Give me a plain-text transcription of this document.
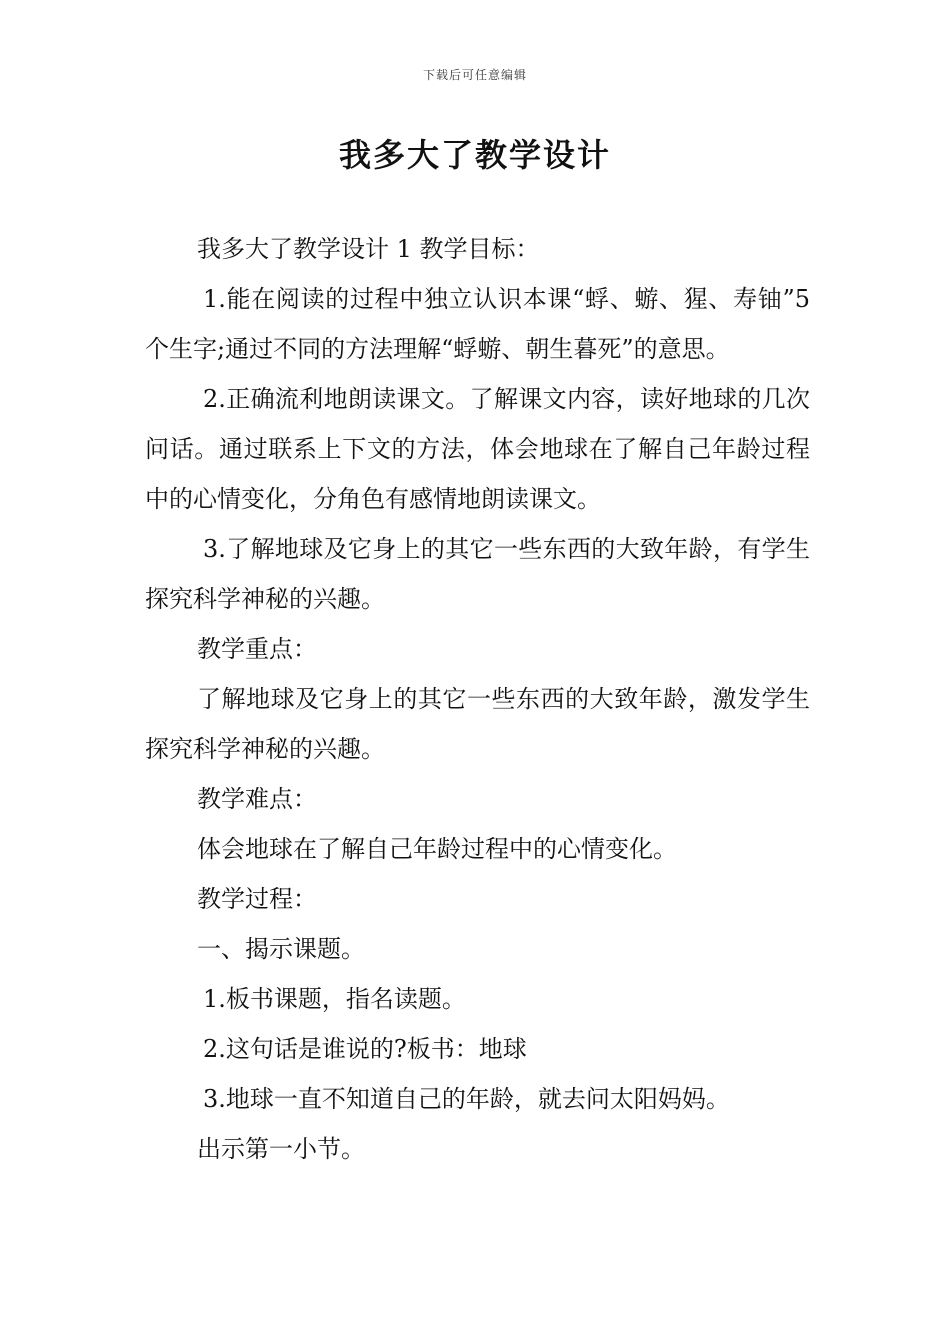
下载后可任意编辑
我多大了教学设计

我多大了教学设计 1 教学目标：

1.能在阅读的过程中独立认识本课“蜉、蝣、猩、寿铀”5 个生字;通过不同的方法理解“蜉蝣、朝生暮死”的意思。

2.正确流利地朗读课文。了解课文内容，读好地球的几次问话。通过联系上下文的方法，体会地球在了解自己年龄过程中的心情变化，分角色有感情地朗读课文。

3.了解地球及它身上的其它一些东西的大致年龄，有学生探究科学神秘的兴趣。

教学重点：

了解地球及它身上的其它一些东西的大致年龄，激发学生探究科学神秘的兴趣。

教学难点：

体会地球在了解自己年龄过程中的心情变化。

教学过程：

一、揭示课题。

1.板书课题，指名读题。

2.这句话是谁说的?板书：地球

3.地球一直不知道自己的年龄，就去问太阳妈妈。

出示第一小节。
